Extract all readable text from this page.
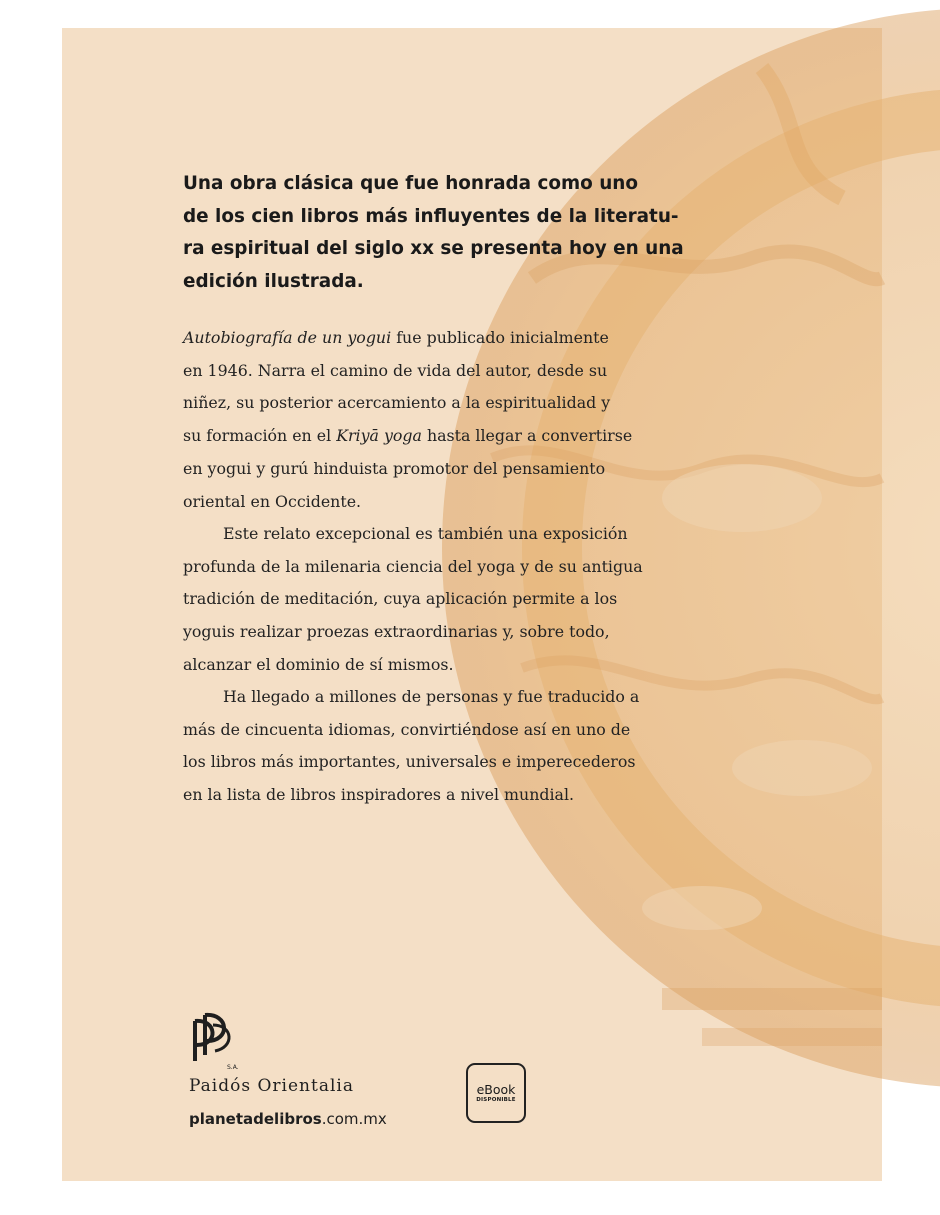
Una obra clásica que fue honrada como uno
de los cien libros más influyentes de la literatu-
ra espiritual del siglo xx se presenta hoy en una
edición ilustrada.
Autobiografía de un yogui fue publicado inicialmente
en 1946. Narra el camino de vida del autor, desde su
niñez, su posterior acercamiento a la espiritualidad y
su formación en el Kriyā yoga hasta llegar a convertirse
en yogui y gurú hinduista promotor del pensamiento
oriental en Occidente.
Este relato excepcional es también una exposición
profunda de la milenaria ciencia del yoga y de su antigua
tradición de meditación, cuya aplicación permite a los
yoguis realizar proezas extraordinarias y, sobre todo,
alcanzar el dominio de sí mismos.
Ha llegado a millones de personas y fue traducido a
más de cincuenta idiomas, convirtiéndose así en uno de
los libros más importantes, universales e imperecederos
en la lista de libros inspiradores a nivel mundial.
S.A.

Paidós Orientalia

planetadelibros.com.mx

eBook
DISPONIBLE
